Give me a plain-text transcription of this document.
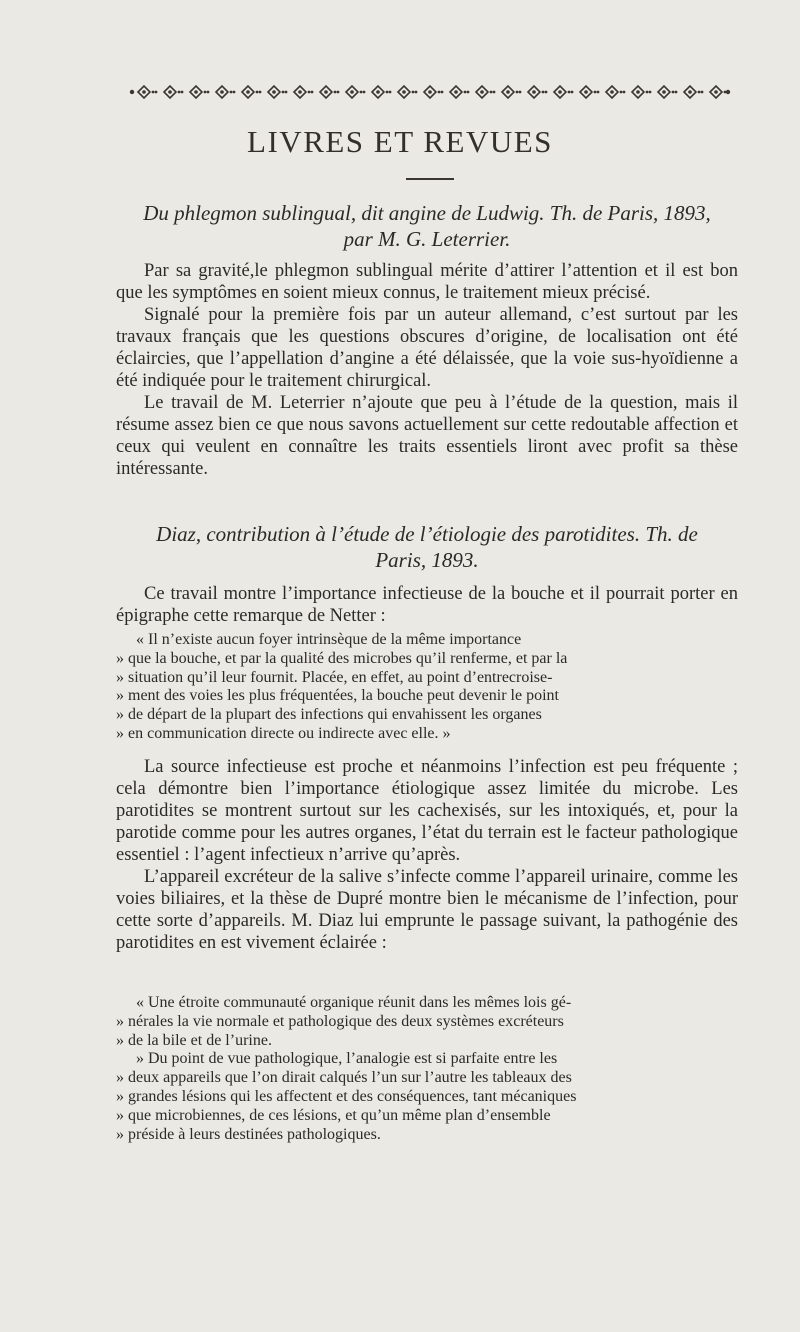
LIVRES ET REVUES

Du phlegmon sublingual, dit angine de Ludwig. Th. de Paris, 1893,

par M. G. Leterrier.

Par sa gravité,le phlegmon sublingual mérite d’attirer l’attention et il est bon que les symptômes en soient mieux connus, le traitement mieux précisé.

Signalé pour la première fois par un auteur allemand, c’est surtout par les travaux français que les questions obscures d’origine, de localisation ont été éclaircies, que l’appellation d’angine a été délaissée, que la voie sus-hyoïdienne a été indiquée pour le traitement chirurgical.

Le travail de M. Leterrier n’ajoute que peu à l’étude de la question, mais il résume assez bien ce que nous savons actuellement sur cette redoutable affection et ceux qui veulent en connaître les traits essentiels liront avec profit sa thèse intéressante.

Diaz, contribution à l’étude de l’étiologie des parotidites. Th. de

Paris, 1893.

Ce travail montre l’importance infectieuse de la bouche et il pourrait porter en épigraphe cette remarque de Netter :

« Il n’existe aucun foyer intrinsèque de la même importance

» que la bouche, et par la qualité des microbes qu’il renferme, et par la

» situation qu’il leur fournit. Placée, en effet, au point d’entrecroise-

» ment des voies les plus fréquentées, la bouche peut devenir le point

» de départ de la plupart des infections qui envahissent les organes

» en communication directe ou indirecte avec elle. »

La source infectieuse est proche et néanmoins l’infection est peu fréquente ; cela démontre bien l’importance étiologique assez limitée du microbe. Les parotidites se montrent surtout sur les cachexisés, sur les intoxiqués, et, pour la parotide comme pour les autres organes, l’état du terrain est le facteur pathologique essentiel : l’agent infectieux n’arrive qu’après.

L’appareil excréteur de la salive s’infecte comme l’appareil urinaire, comme les voies biliaires, et la thèse de Dupré montre bien le mécanisme de l’infection, pour cette sorte d’appareils. M. Diaz lui emprunte le passage suivant, la pathogénie des parotidites en est vivement éclairée :

« Une étroite communauté organique réunit dans les mêmes lois gé-

» nérales la vie normale et pathologique des deux systèmes excréteurs

» de la bile et de l’urine.

» Du point de vue pathologique, l’analogie est si parfaite entre les

» deux appareils que l’on dirait calqués l’un sur l’autre les tableaux des

» grandes lésions qui les affectent et des conséquences, tant mécaniques

» que microbiennes, de ces lésions, et qu’un même plan d’ensemble

» préside à leurs destinées pathologiques.
